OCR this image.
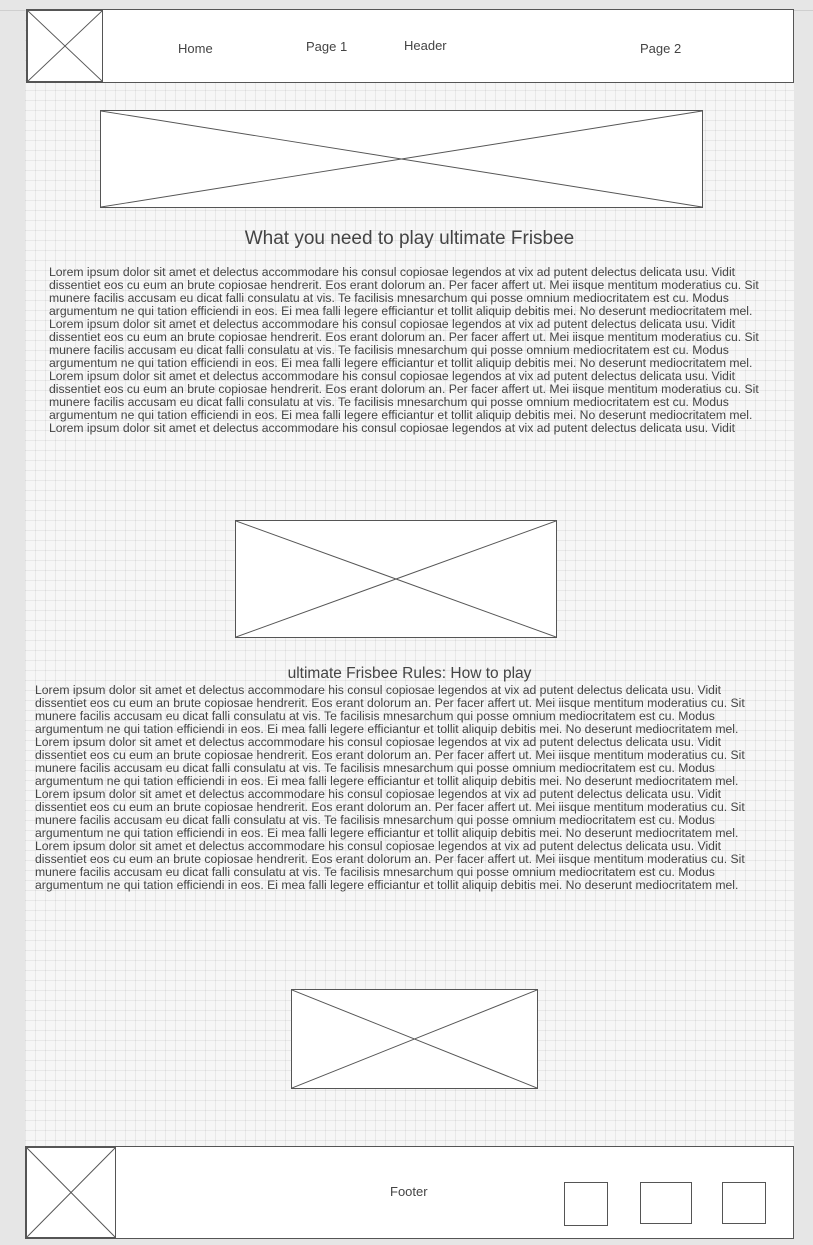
Home	Page 1	Header	Page 2
What you need to play ultimate Frisbee

Lorem ipsum dolor sit amet et delectus accommodare his consul copiosae legendos at vix ad putent delectus delicata usu. Vidit dissentiet eos cu eum an brute copiosae hendrerit. Eos erant dolorum an. Per facer affert ut. Mei iisque mentitum moderatius cu. Sit munere facilis accusam eu dicat falli consulatu at vis. Te facilisis mnesarchum qui posse omnium mediocritatem est cu. Modus argumentum ne qui tation efficiendi in eos. Ei mea falli legere efficiantur et tollit aliquip debitis mei. No deserunt mediocritatem mel. Lorem ipsum dolor sit amet et delectus accommodare his consul copiosae legendos at vix ad putent delectus delicata usu. Vidit dissentiet eos cu eum an brute copiosae hendrerit. Eos erant dolorum an. Per facer affert ut. Mei iisque mentitum moderatius cu. Sit munere facilis accusam eu dicat falli consulatu at vis. Te facilisis mnesarchum qui posse omnium mediocritatem est cu. Modus argumentum ne qui tation efficiendi in eos. Ei mea falli legere efficiantur et tollit aliquip debitis mei. No deserunt mediocritatem mel. Lorem ipsum dolor sit amet et delectus accommodare his consul copiosae legendos at vix ad putent delectus delicata usu. Vidit dissentiet eos cu eum an brute copiosae hendrerit. Eos erant dolorum an. Per facer affert ut. Mei iisque mentitum moderatius cu. Sit munere facilis accusam eu dicat falli consulatu at vis. Te facilisis mnesarchum qui posse omnium mediocritatem est cu. Modus argumentum ne qui tation efficiendi in eos. Ei mea falli legere efficiantur et tollit aliquip debitis mei. No deserunt mediocritatem mel. Lorem ipsum dolor sit amet et delectus accommodare his consul copiosae legendos at vix ad putent delectus delicata usu. Vidit

ultimate Frisbee Rules: How to play

Lorem ipsum dolor sit amet et delectus accommodare his consul copiosae legendos at vix ad putent delectus delicata usu. Vidit dissentiet eos cu eum an brute copiosae hendrerit. Eos erant dolorum an. Per facer affert ut. Mei iisque mentitum moderatius cu. Sit munere facilis accusam eu dicat falli consulatu at vis. Te facilisis mnesarchum qui posse omnium mediocritatem est cu. Modus argumentum ne qui tation efficiendi in eos. Ei mea falli legere efficiantur et tollit aliquip debitis mei. No deserunt mediocritatem mel. Lorem ipsum dolor sit amet et delectus accommodare his consul copiosae legendos at vix ad putent delectus delicata usu. Vidit dissentiet eos cu eum an brute copiosae hendrerit. Eos erant dolorum an. Per facer affert ut. Mei iisque mentitum moderatius cu. Sit munere facilis accusam eu dicat falli consulatu at vis. Te facilisis mnesarchum qui posse omnium mediocritatem est cu. Modus argumentum ne qui tation efficiendi in eos. Ei mea falli legere efficiantur et tollit aliquip debitis mei. No deserunt mediocritatem mel. Lorem ipsum dolor sit amet et delectus accommodare his consul copiosae legendos at vix ad putent delectus delicata usu. Vidit dissentiet eos cu eum an brute copiosae hendrerit. Eos erant dolorum an. Per facer affert ut. Mei iisque mentitum moderatius cu. Sit munere facilis accusam eu dicat falli consulatu at vis. Te facilisis mnesarchum qui posse omnium mediocritatem est cu. Modus argumentum ne qui tation efficiendi in eos. Ei mea falli legere efficiantur et tollit aliquip debitis mei. No deserunt mediocritatem mel. Lorem ipsum dolor sit amet et delectus accommodare his consul copiosae legendos at vix ad putent delectus delicata usu. Vidit dissentiet eos cu eum an brute copiosae hendrerit. Eos erant dolorum an. Per facer affert ut. Mei iisque mentitum moderatius cu. Sit munere facilis accusam eu dicat falli consulatu at vis. Te facilisis mnesarchum qui posse omnium mediocritatem est cu. Modus argumentum ne qui tation efficiendi in eos. Ei mea falli legere efficiantur et tollit aliquip debitis mei. No deserunt mediocritatem mel.

Footer
